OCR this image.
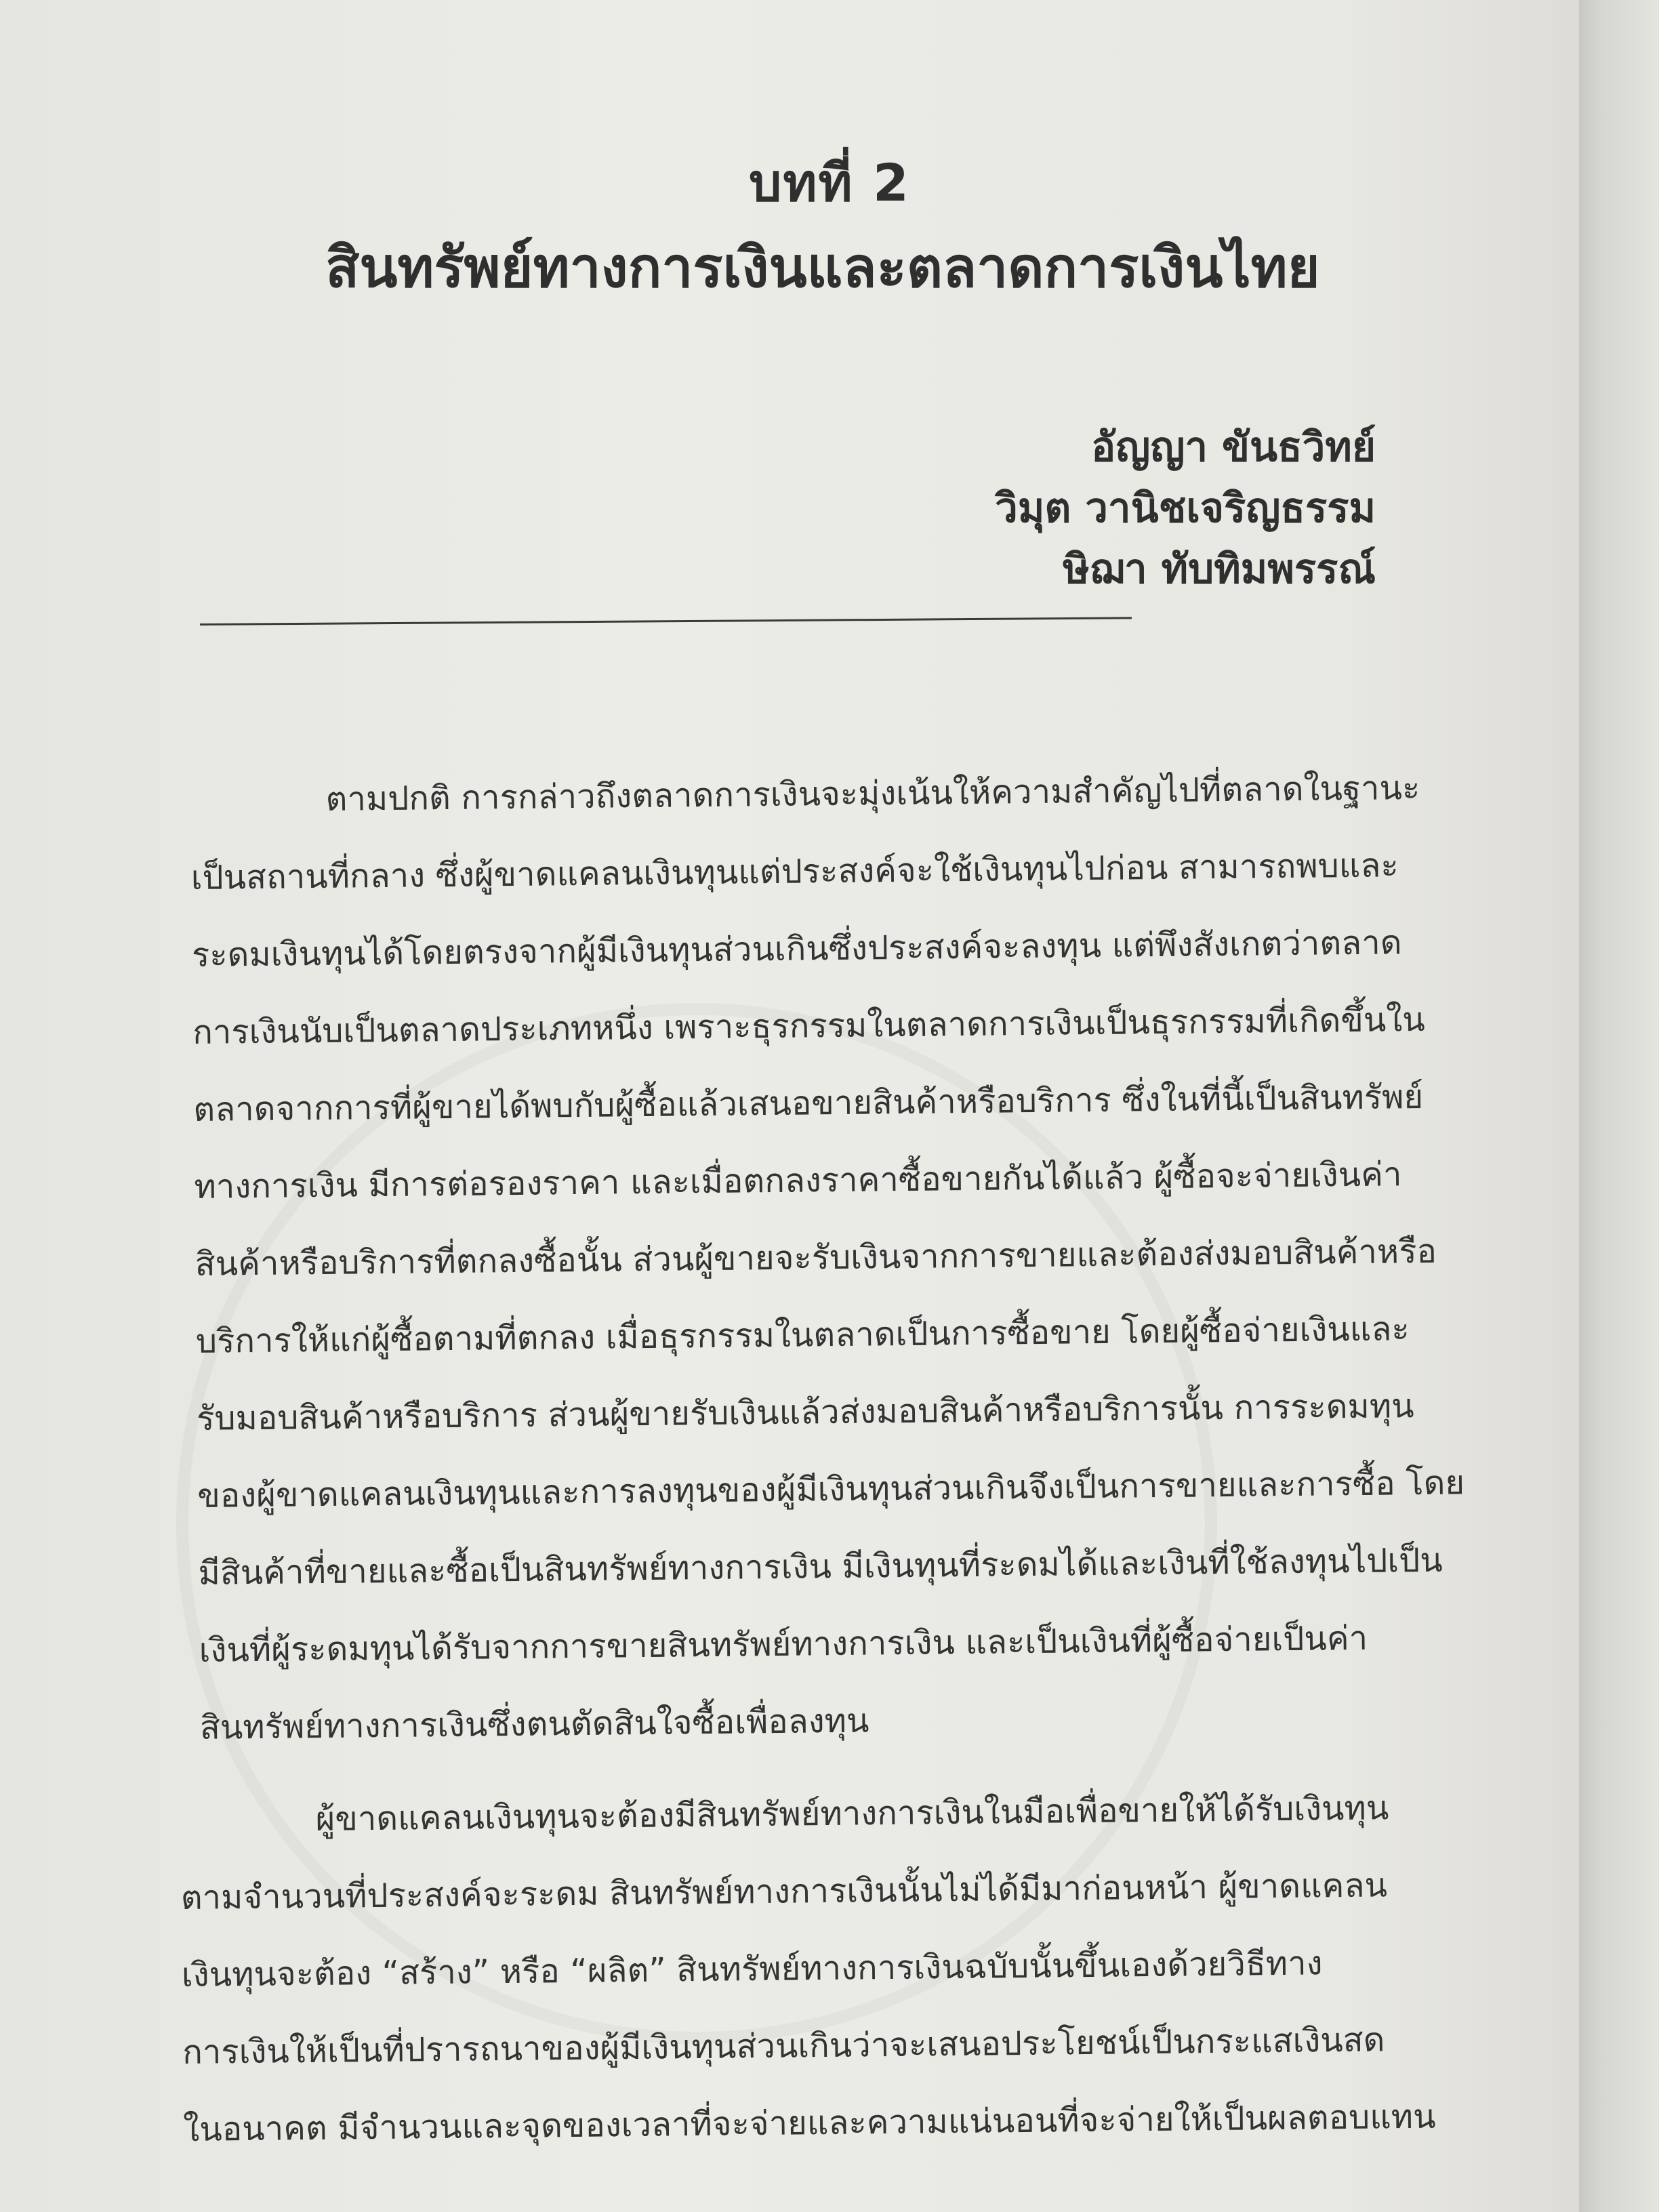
บทที่ 2
สินทรัพย์ทางการเงินและตลาดการเงินไทย
อัญญา ขันธวิทย์
วิมุต วานิชเจริญธรรม
ษิฌา ทับทิมพรรณ์
ตามปกติ การกล่าวถึงตลาดการเงินจะมุ่งเน้นให้ความสำคัญไปที่ตลาดในฐานะ
เป็นสถานที่กลาง ซึ่งผู้ขาดแคลนเงินทุนแต่ประสงค์จะใช้เงินทุนไปก่อน สามารถพบและ
ระดมเงินทุนได้โดยตรงจากผู้มีเงินทุนส่วนเกินซึ่งประสงค์จะลงทุน แต่พึงสังเกตว่าตลาด
การเงินนับเป็นตลาดประเภทหนึ่ง เพราะธุรกรรมในตลาดการเงินเป็นธุรกรรมที่เกิดขึ้นใน
ตลาดจากการที่ผู้ขายได้พบกับผู้ซื้อแล้วเสนอขายสินค้าหรือบริการ ซึ่งในที่นี้เป็นสินทรัพย์
ทางการเงิน มีการต่อรองราคา และเมื่อตกลงราคาซื้อขายกันได้แล้ว ผู้ซื้อจะจ่ายเงินค่า
สินค้าหรือบริการที่ตกลงซื้อนั้น ส่วนผู้ขายจะรับเงินจากการขายและต้องส่งมอบสินค้าหรือ
บริการให้แก่ผู้ซื้อตามที่ตกลง เมื่อธุรกรรมในตลาดเป็นการซื้อขาย โดยผู้ซื้อจ่ายเงินและ
รับมอบสินค้าหรือบริการ ส่วนผู้ขายรับเงินแล้วส่งมอบสินค้าหรือบริการนั้น การระดมทุน
ของผู้ขาดแคลนเงินทุนและการลงทุนของผู้มีเงินทุนส่วนเกินจึงเป็นการขายและการซื้อ โดย
มีสินค้าที่ขายและซื้อเป็นสินทรัพย์ทางการเงิน มีเงินทุนที่ระดมได้และเงินที่ใช้ลงทุนไปเป็น
เงินที่ผู้ระดมทุนได้รับจากการขายสินทรัพย์ทางการเงิน และเป็นเงินที่ผู้ซื้อจ่ายเป็นค่า
สินทรัพย์ทางการเงินซึ่งตนตัดสินใจซื้อเพื่อลงทุน
ผู้ขาดแคลนเงินทุนจะต้องมีสินทรัพย์ทางการเงินในมือเพื่อขายให้ได้รับเงินทุน
ตามจำนวนที่ประสงค์จะระดม สินทรัพย์ทางการเงินนั้นไม่ได้มีมาก่อนหน้า ผู้ขาดแคลน
เงินทุนจะต้อง “สร้าง” หรือ “ผลิต” สินทรัพย์ทางการเงินฉบับนั้นขึ้นเองด้วยวิธีทาง
การเงินให้เป็นที่ปรารถนาของผู้มีเงินทุนส่วนเกินว่าจะเสนอประโยชน์เป็นกระแสเงินสด
ในอนาคต มีจำนวนและจุดของเวลาที่จะจ่ายและความแน่นอนที่จะจ่ายให้เป็นผลตอบแทน
